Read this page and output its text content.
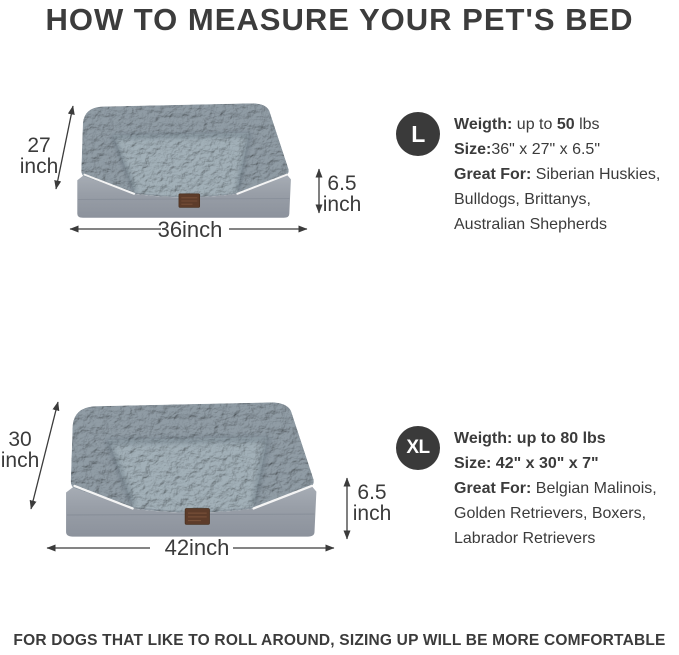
HOW TO MEASURE YOUR PET'S BED
27
inch
6.5
inch
36inch
L	Weigth: up to 50 lbs
Size:36" x 27" x 6.5"
Great For: Siberian Huskies,
Bulldogs, Brittanys,
Australian Shepherds
30
inch
6.5
inch
42inch
XL	Weigth: up to 80 lbs
Size: 42" x 30" x 7"
Great For: Belgian Malinois,
Golden Retrievers, Boxers,
Labrador Retrievers
FOR DOGS THAT LIKE TO ROLL AROUND, SIZING UP WILL BE MORE COMFORTABLE
